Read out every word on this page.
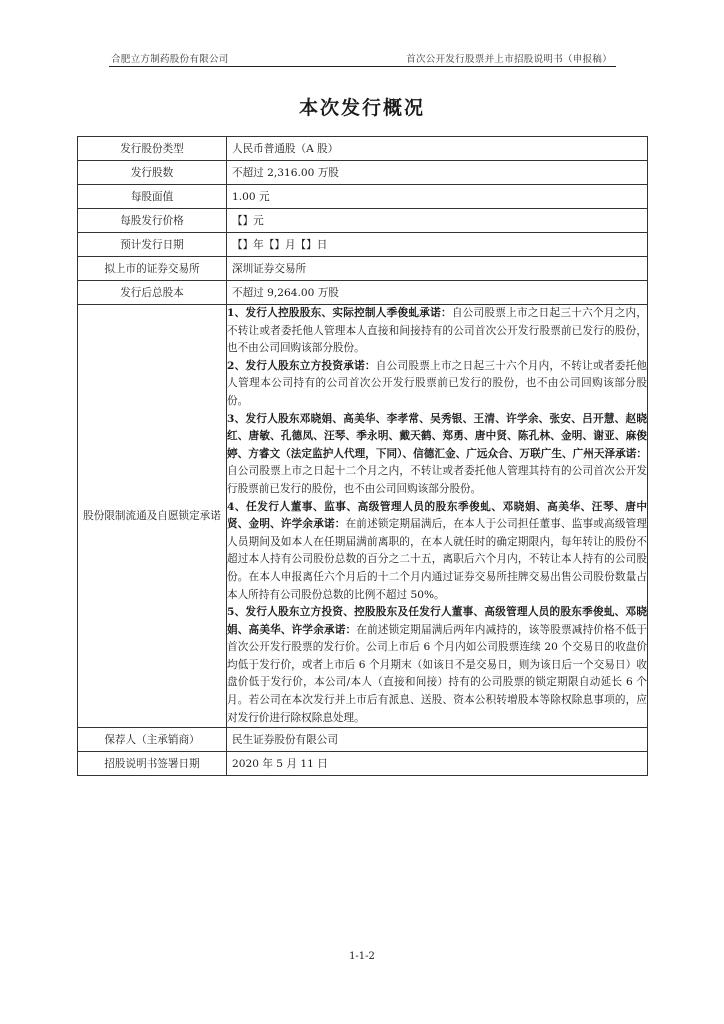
合肥立方制药股份有限公司	首次公开发行股票并上市招股说明书（申报稿）
本次发行概况
发行股份类型	人民币普通股（A 股）
发行股数	不超过 2,316.00 万股
每股面值	1.00 元
每股发行价格	【】元
预计发行日期	【】年【】月【】日
拟上市的证券交易所	深圳证券交易所
发行后总股本	不超过 9,264.00 万股
股份限制流通及自愿锁定承诺	1、发行人控股股东、实际控制人季俊虬承诺：自公司股票上市之日起三十六个月之内，不转让或者委托他人管理本人直接和间接持有的公司首次公开发行股票前已发行的股份，也不由公司回购该部分股份。

2、发行人股东立方投资承诺：自公司股票上市之日起三十六个月内，不转让或者委托他人管理本公司持有的公司首次公开发行股票前已发行的股份，也不由公司回购该部分股份。

3、发行人股东邓晓娟、高美华、李孝常、吴秀银、王清、许学余、张安、吕开慧、赵晓红、唐敏、孔德凤、汪琴、季永明、戴天鹤、郑勇、唐中贤、陈孔林、金明、谢亚、麻俊婷、方睿文（法定监护人代理，下同）、信德汇金、广远众合、万联广生、广州天泽承诺：自公司股票上市之日起十二个月之内，不转让或者委托他人管理其持有的公司首次公开发行股票前已发行的股份，也不由公司回购该部分股份。

4、任发行人董事、监事、高级管理人员的股东季俊虬、邓晓娟、高美华、汪琴、唐中贤、金明、许学余承诺：在前述锁定期届满后，在本人于公司担任董事、监事或高级管理人员期间及如本人在任期届满前离职的，在本人就任时的确定期限内，每年转让的股份不超过本人持有公司股份总数的百分之二十五，离职后六个月内，不转让本人持有的公司股份。在本人申报离任六个月后的十二个月内通过证券交易所挂牌交易出售公司股份数量占本人所持有公司股份总数的比例不超过 50%。

5、发行人股东立方投资、控股股东及任发行人董事、高级管理人员的股东季俊虬、邓晓娟、高美华、许学余承诺：在前述锁定期届满后两年内减持的，该等股票减持价格不低于首次公开发行股票的发行价。公司上市后 6 个月内如公司股票连续 20 个交易日的收盘价均低于发行价，或者上市后 6 个月期末（如该日不是交易日，则为该日后一个交易日）收盘价低于发行价，本公司/本人（直接和间接）持有的公司股票的锁定期限自动延长 6 个月。若公司在本次发行并上市后有派息、送股、资本公积转增股本等除权除息事项的，应对发行价进行除权除息处理。

保荐人（主承销商）	民生证券股份有限公司
招股说明书签署日期	2020 年 5 月 11 日
1-1-2
